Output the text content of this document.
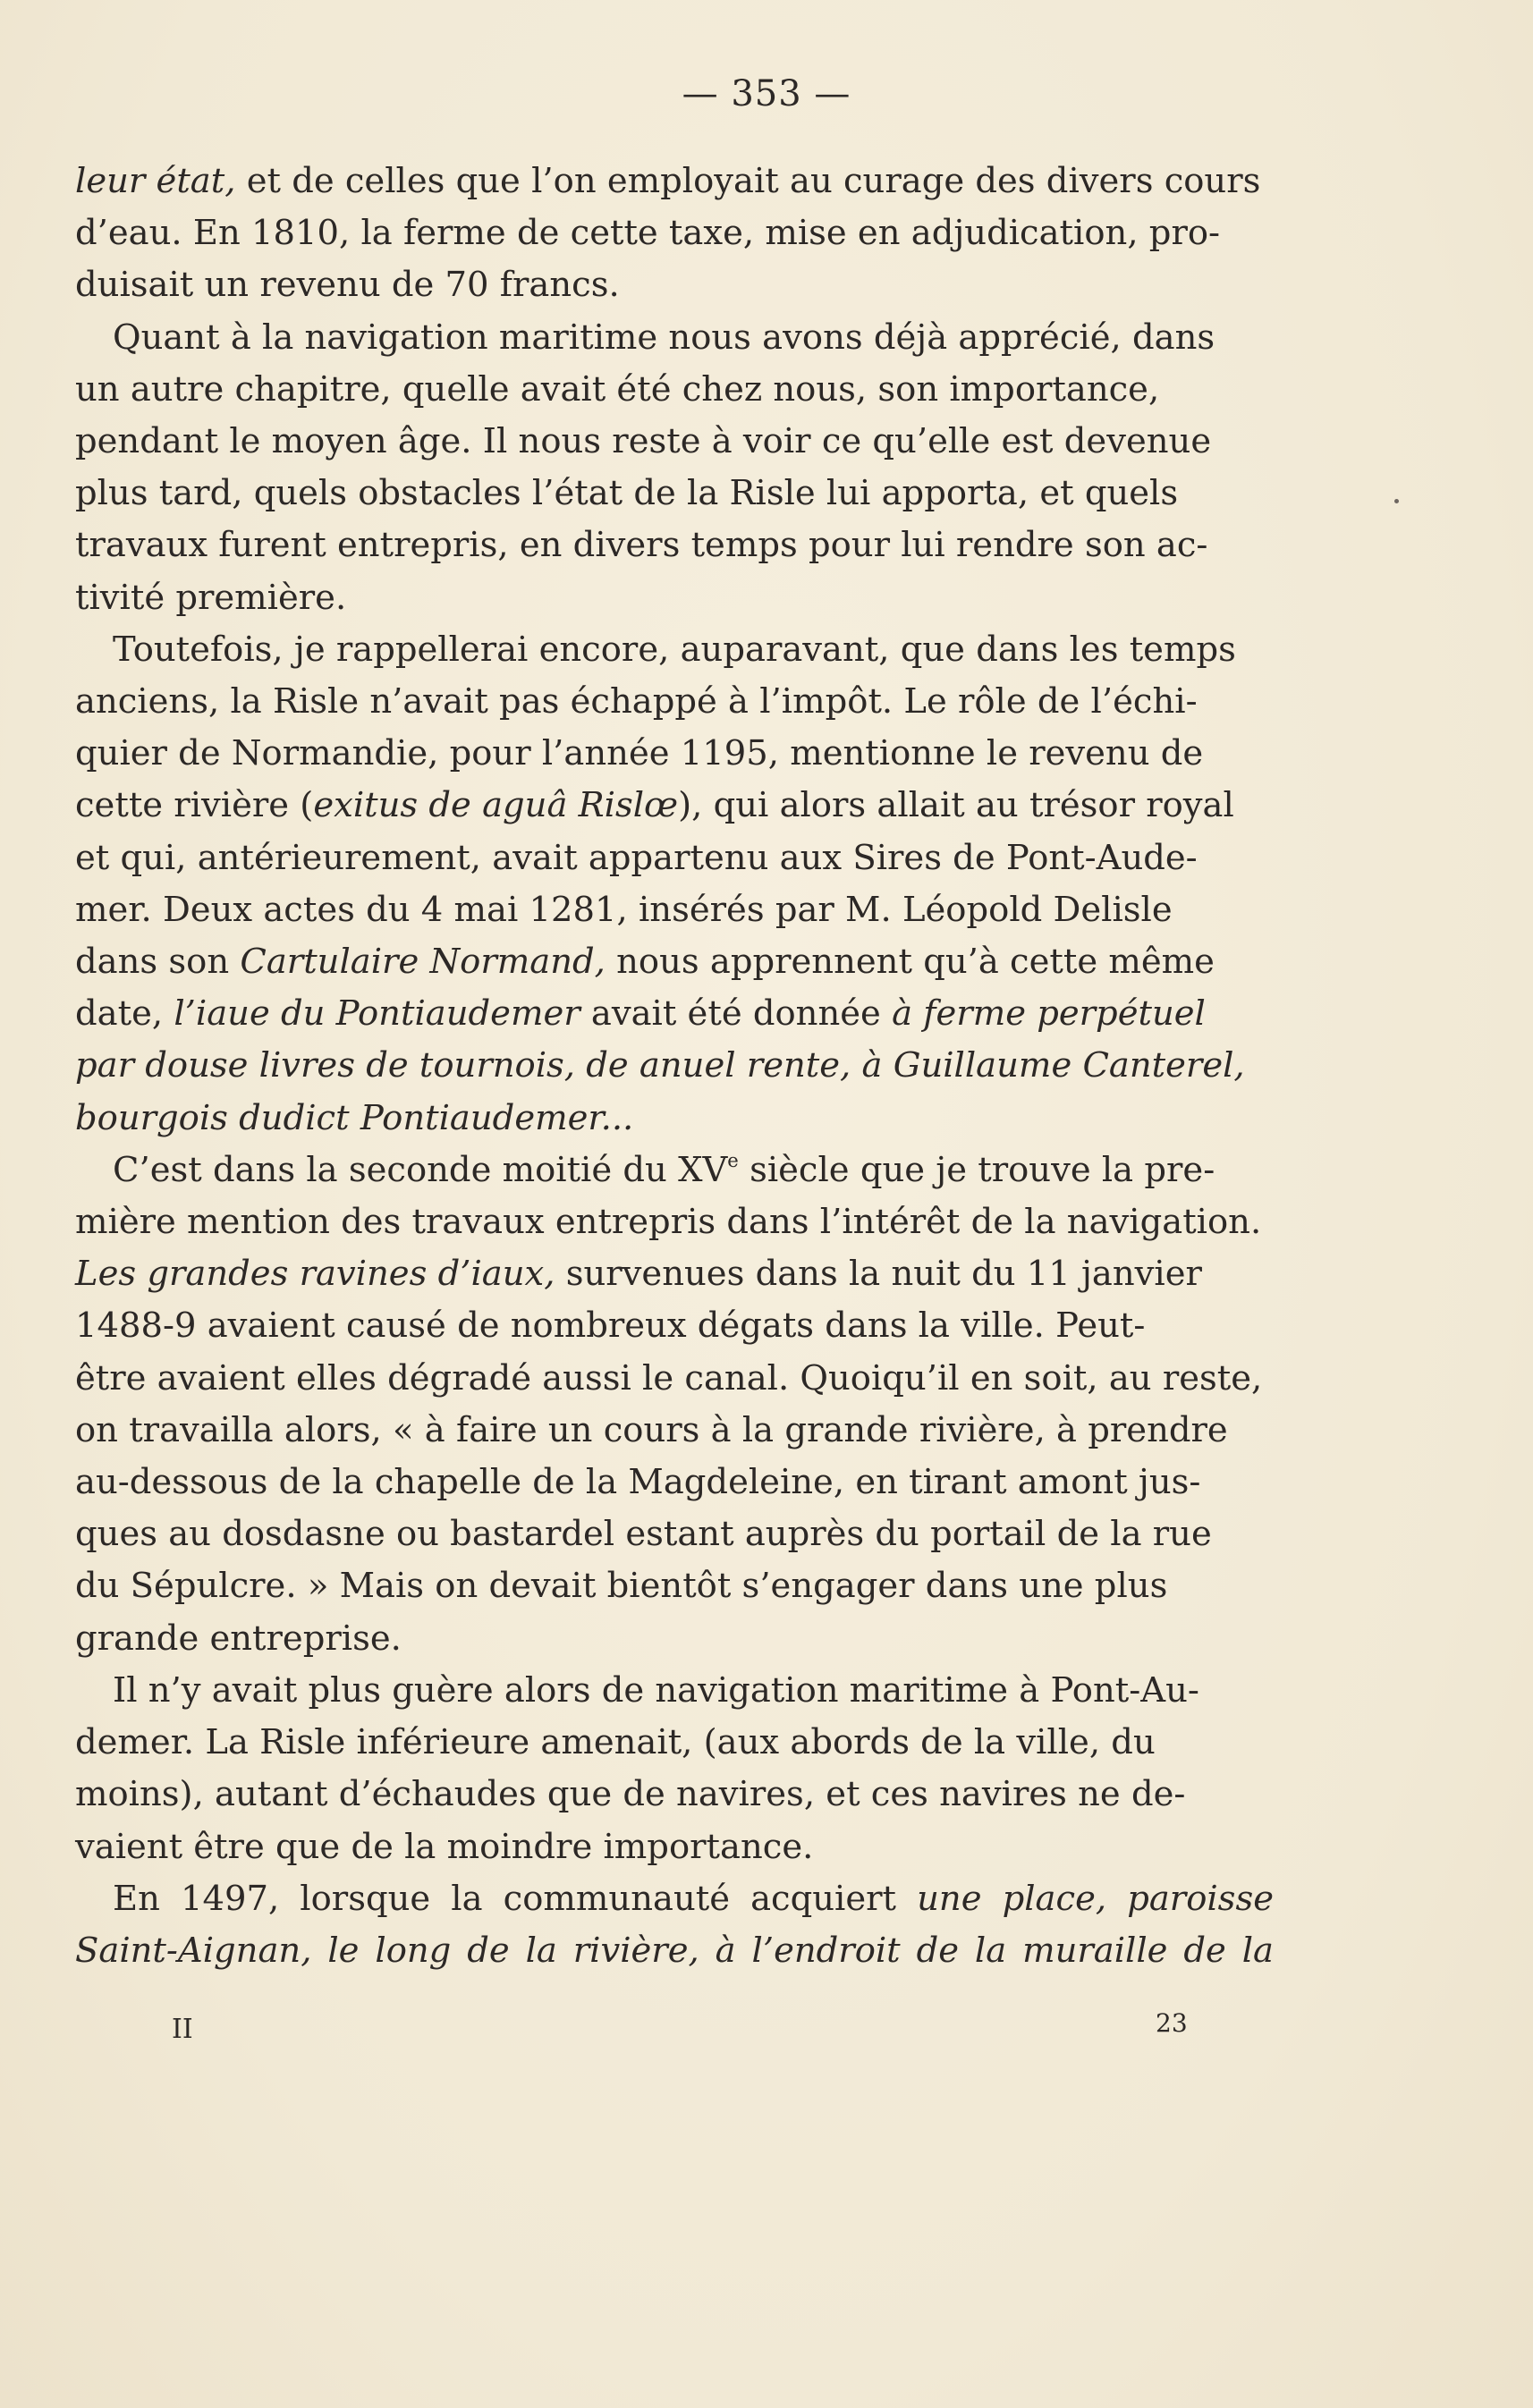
— 353 —

leur état, et de celles que l’on employait au curage des divers cours
d’eau. En 1810, la ferme de cette taxe, mise en adjudication, pro-
duisait un revenu de 70 francs.

Quant à la navigation maritime nous avons déjà apprécié, dans
un autre chapitre, quelle avait été chez nous, son importance,
pendant le moyen âge. Il nous reste à voir ce qu’elle est devenue
plus tard, quels obstacles l’état de la Risle lui apporta, et quels
travaux furent entrepris, en divers temps pour lui rendre son ac-
tivité première.

Toutefois, je rappellerai encore, auparavant, que dans les temps
anciens, la Risle n’avait pas échappé à l’impôt. Le rôle de l’échi-
quier de Normandie, pour l’année 1195, mentionne le revenu de
cette rivière (exitus de aguâ Rislœ), qui alors allait au trésor royal
et qui, antérieurement, avait appartenu aux Sires de Pont-Aude-
mer. Deux actes du 4 mai 1281, insérés par M. Léopold Delisle
dans son Cartulaire Normand, nous apprennent qu’à cette même
date, l’iaue du Pontiaudemer avait été donnée à ferme perpétuel
par douse livres de tournois, de anuel rente, à Guillaume Canterel,
bourgois dudict Pontiaudemer...

C’est dans la seconde moitié du XVe siècle que je trouve la pre-
mière mention des travaux entrepris dans l’intérêt de la navigation.
Les grandes ravines d’iaux, survenues dans la nuit du 11 janvier
1488-9 avaient causé de nombreux dégats dans la ville. Peut-
être avaient elles dégradé aussi le canal. Quoiqu’il en soit, au reste,
on travailla alors, « à faire un cours à la grande rivière, à prendre
au-dessous de la chapelle de la Magdeleine, en tirant amont jus-
ques au dosdasne ou bastardel estant auprès du portail de la rue
du Sépulcre. » Mais on devait bientôt s’engager dans une plus
grande entreprise.

Il n’y avait plus guère alors de navigation maritime à Pont-Au-
demer. La Risle inférieure amenait, (aux abords de la ville, du
moins), autant d’échaudes que de navires, et ces navires ne de-
vaient être que de la moindre importance.

En 1497, lorsque la communauté acquiert une place, paroisse
Saint-Aignan, le long de la rivière, à l’endroit de la muraille de la

II	23
